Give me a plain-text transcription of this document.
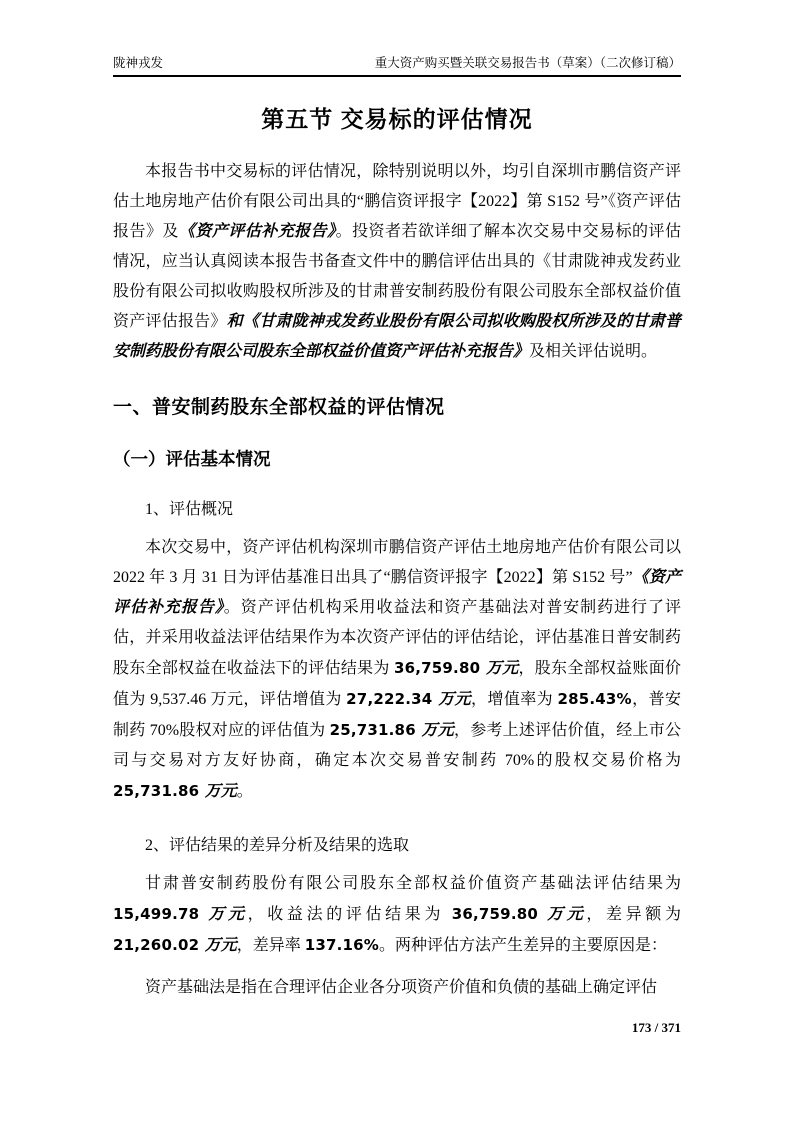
陇神戎发	重大资产购买暨关联交易报告书（草案）（二次修订稿）
第五节 交易标的评估情况
本报告书中交易标的评估情况，除特别说明以外，均引自深圳市鹏信资产评估土地房地产估价有限公司出具的“鹏信资评报字【2022】第 S152 号”《资产评估报告》及《资产评估补充报告》。投资者若欲详细了解本次交易中交易标的评估情况，应当认真阅读本报告书备查文件中的鹏信评估出具的《甘肃陇神戎发药业股份有限公司拟收购股权所涉及的甘肃普安制药股份有限公司股东全部权益价值资产评估报告》和《甘肃陇神戎发药业股份有限公司拟收购股权所涉及的甘肃普安制药股份有限公司股东全部权益价值资产评估补充报告》及相关评估说明。
一、普安制药股东全部权益的评估情况
（一）评估基本情况
1、评估概况
本次交易中，资产评估机构深圳市鹏信资产评估土地房地产估价有限公司以 2022 年 3 月 31 日为评估基准日出具了“鹏信资评报字【2022】第 S152 号”《资产评估补充报告》。资产评估机构采用收益法和资产基础法对普安制药进行了评估，并采用收益法评估结果作为本次资产评估的评估结论，评估基准日普安制药股东全部权益在收益法下的评估结果为 36,759.80 万元，股东全部权益账面价值为 9,537.46 万元，评估增值为 27,222.34 万元，增值率为 285.43%，普安制药 70%股权对应的评估值为 25,731.86 万元，参考上述评估价值，经上市公司与交易对方友好协商，确定本次交易普安制药 70%的股权交易价格为 25,731.86 万元。
2、评估结果的差异分析及结果的选取
甘肃普安制药股份有限公司股东全部权益价值资产基础法评估结果为 15,499.78 万元，收益法的评估结果为 36,759.80 万元，差异额为 21,260.02 万元，差异率 137.16%。两种评估方法产生差异的主要原因是：
资产基础法是指在合理评估企业各分项资产价值和负债的基础上确定评估
173 / 371
